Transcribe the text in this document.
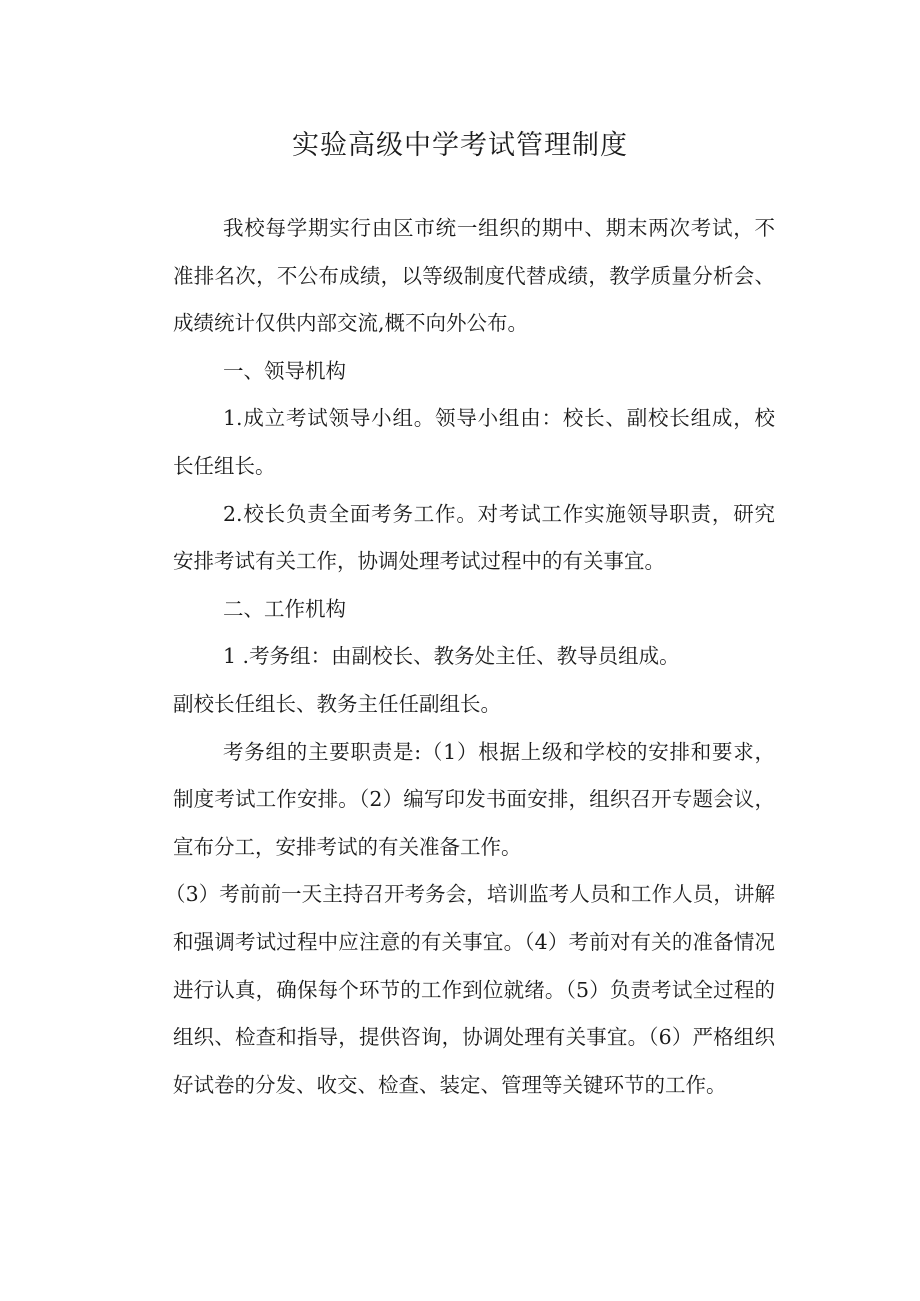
实验高级中学考试管理制度

我校每学期实行由区市统一组织的期中、期末两次考试，不准排名次，不公布成绩，以等级制度代替成绩，教学质量分析会、成绩统计仅供内部交流,概不向外公布。

一、领导机构

1.成立考试领导小组。领导小组由：校长、副校长组成，校长任组长。

2.校长负责全面考务工作。对考试工作实施领导职责，研究安排考试有关工作，协调处理考试过程中的有关事宜。

二、工作机构

1 .考务组：由副校长、教务处主任、教导员组成。

副校长任组长、教务主任任副组长。

考务组的主要职责是:（1）根据上级和学校的安排和要求，制度考试工作安排。（2）编写印发书面安排，组织召开专题会议，宣布分工，安排考试的有关准备工作。

（3）考前前一天主持召开考务会，培训监考人员和工作人员，讲解和强调考试过程中应注意的有关事宜。（4）考前对有关的准备情况进行认真，确保每个环节的工作到位就绪。（5）负责考试全过程的组织、检查和指导，提供咨询，协调处理有关事宜。（6）严格组织好试卷的分发、收交、检查、装定、管理等关键环节的工作。
